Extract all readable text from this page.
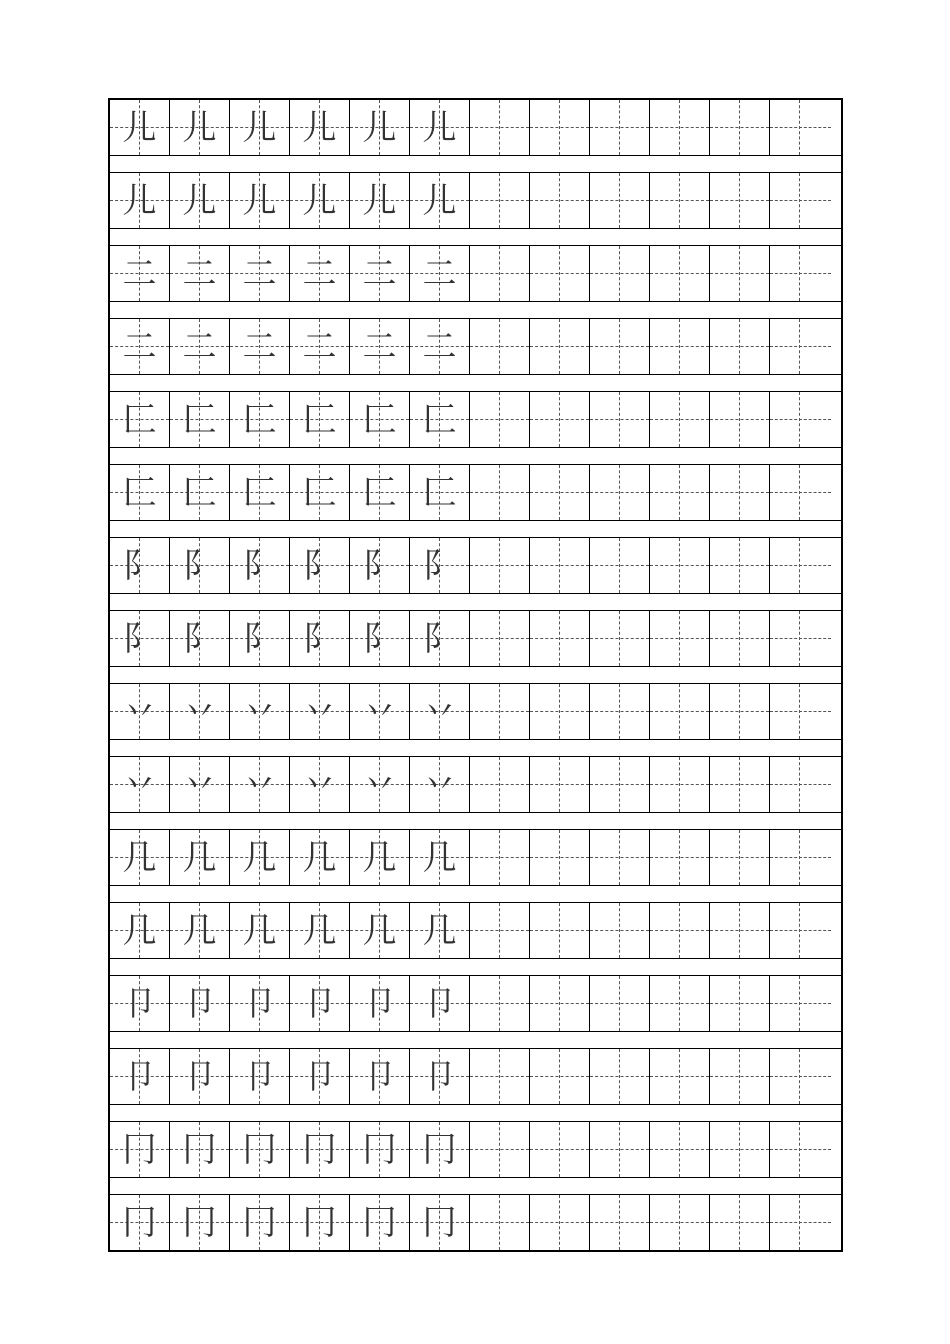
儿 儿 儿 儿 儿 儿
儿 儿 儿 儿 儿 儿
二 二 二 二 二 二
二 二 二 二 二 二
匚 匚 匚 匚 匚 匚
匚 匚 匚 匚 匚 匚
阝 阝 阝 阝 阝 阝
阝 阝 阝 阝 阝 阝
丷 丷 丷 丷 丷 丷
丷 丷 丷 丷 丷 丷
几 几 几 几 几 几
几 几 几 几 几 几
卩 卩 卩 卩 卩 卩
卩 卩 卩 卩 卩 卩
冂 冂 冂 冂 冂 冂
冂 冂 冂 冂 冂 冂
